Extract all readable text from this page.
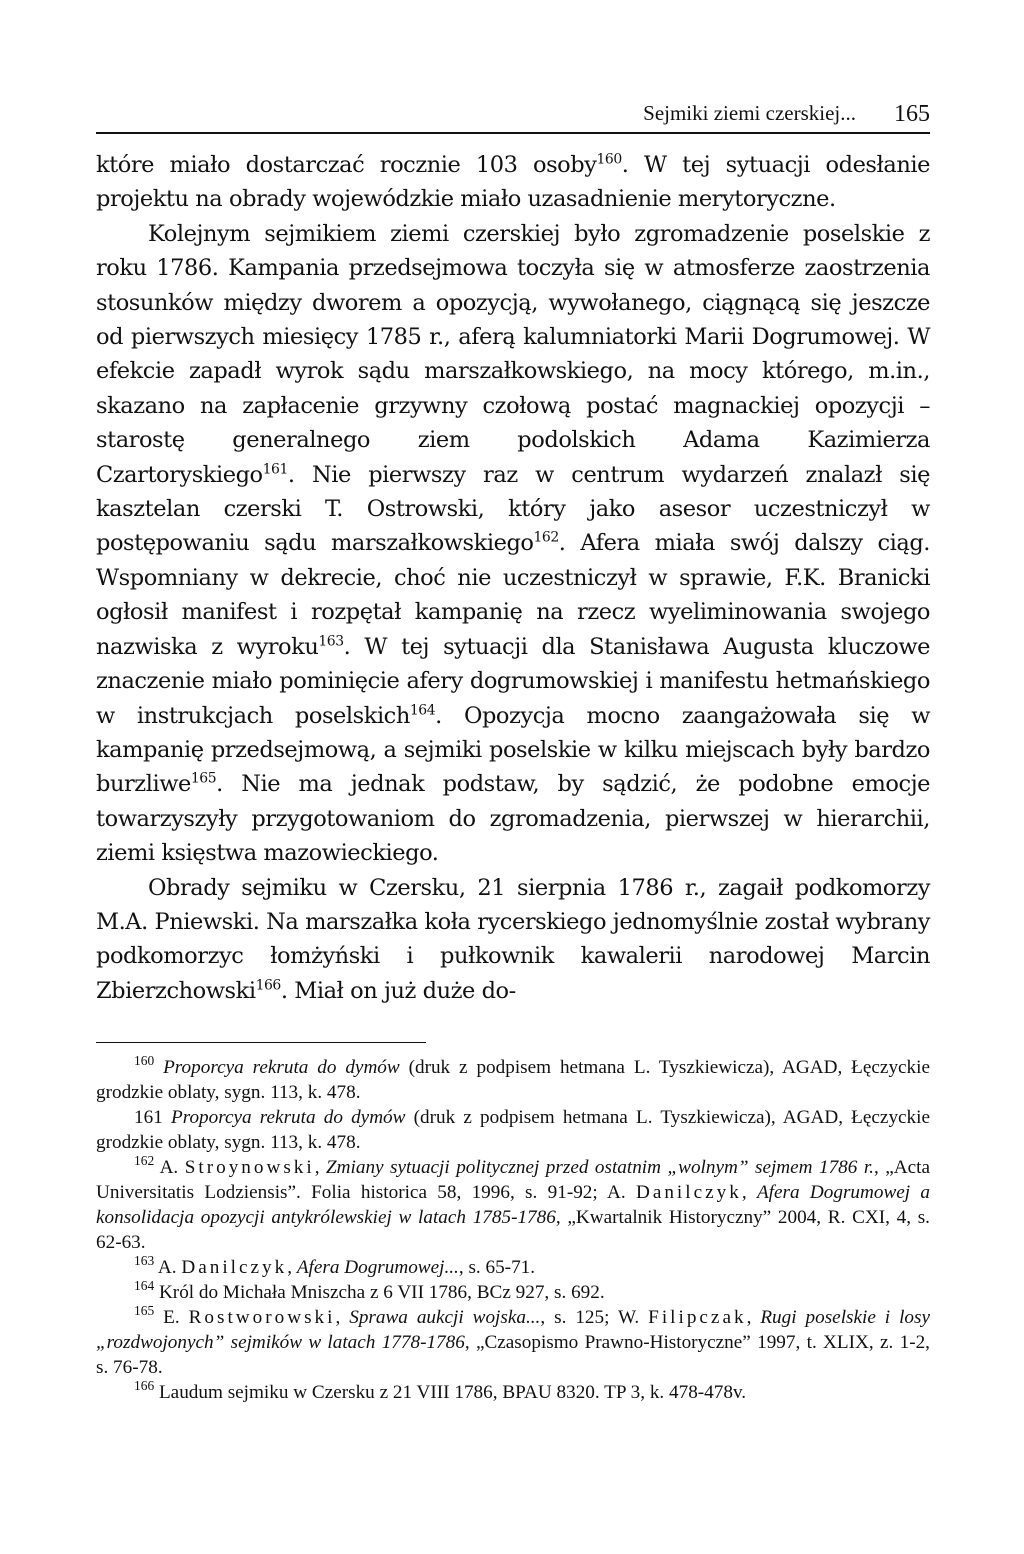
Sejmiki ziemi czerskiej... 165

które miało dostarczać rocznie 103 osoby$^{160}$. W tej sytuacji odesłanie projektu na obrady wojewódzkie miało uzasadnienie merytoryczne.

Kolejnym sejmikiem ziemi czerskiej było zgromadzenie poselskie z roku 1786. Kampania przedsejmowa toczyła się w atmosferze zaostrzenia stosunków między dworem a opozycją, wywołanego, ciągnącą się jeszcze od pierwszych miesięcy 1785 r., aferą kalumniatorki Marii Dogrumowej. W efekcie zapadł wyrok sądu marszałkowskiego, na mocy którego, m.in., skazano na zapłacenie grzywny czołową postać magnackiej opozycji – starostę generalnego ziem podolskich Adama Kazimierza Czartoryskiego$^{161}$. Nie pierwszy raz w centrum wydarzeń znalazł się kasztelan czerski T. Ostrowski, który jako asesor uczestniczył w postępowaniu sądu marszałkowskiego$^{162}$. Afera miała swój dalszy ciąg. Wspomniany w dekrecie, choć nie uczestniczył w sprawie, F.K. Branicki ogłosił manifest i rozpętał kampanię na rzecz wyeliminowania swojego nazwiska z wyroku$^{163}$. W tej sytuacji dla Stanisława Augusta kluczowe znaczenie miało pominięcie afery dogrumowskiej i manifestu hetmańskiego w instrukcjach poselskich$^{164}$. Opozycja mocno zaangażowała się w kampanię przedsejmową, a sejmiki poselskie w kilku miejscach były bardzo burzliwe$^{165}$. Nie ma jednak podstaw, by sądzić, że podobne emocje towarzyszyły przygotowaniom do zgromadzenia, pierwszej w hierarchii, ziemi księstwa mazowieckiego.

Obrady sejmiku w Czersku, 21 sierpnia 1786 r., zagaił podkomorzy M.A. Pniewski. Na marszałka koła rycerskiego jednomyślnie został wybrany podkomorzyc łomżyński i pułkownik kawalerii narodowej Marcin Zbierzchowski$^{166}$. Miał on już duże do-

$^{160}$ Proporcya rekruta do dymów (druk z podpisem hetmana L. Tyszkiewicza), AGAD, Łęczyckie grodzkie oblaty, sygn. 113, k. 478.

161 Proporcya rekruta do dymów (druk z podpisem hetmana L. Tyszkiewicza), AGAD, Łęczyckie grodzkie oblaty, sygn. 113, k. 478.

$^{162}$ A. Stroynowski, Zmiany sytuacji politycznej przed ostatnim „wolnym” sejmem 1786 r., „Acta Universitatis Lodziensis”. Folia historica 58, 1996, s. 91-92; A. Danilczyk, Afera Dogrumowej a konsolidacja opozycji antykrólewskiej w latach 1785-1786, „Kwartalnik Historyczny” 2004, R. CXI, 4, s. 62-63.

$^{163}$ A. Danilczyk, Afera Dogrumowej..., s. 65-71.

$^{164}$ Król do Michała Mniszcha z 6 VII 1786, BCz 927, s. 692.

$^{165}$ E. Rostworowski, Sprawa aukcji wojska..., s. 125; W. Filipczak, Rugi poselskie i losy „rozdwojonych” sejmików w latach 1778-1786, „Czasopismo Prawno-Historyczne” 1997, t. XLIX, z. 1-2, s. 76-78.

$^{166}$ Laudum sejmiku w Czersku z 21 VIII 1786, BPAU 8320. TP 3, k. 478-478v.
